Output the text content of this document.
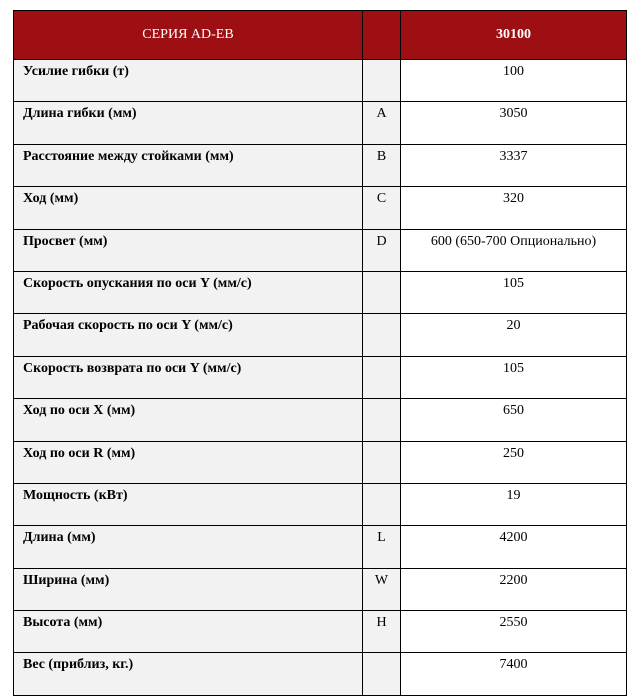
СЕРИЯ AD-EB		30100
Усилие гибки (т)		100
Длина гибки (мм)	A	3050
Расстояние между стойками (мм)	B	3337
Ход (мм)	C	320
Просвет (мм)	D	600 (650-700 Опционально)
Скорость опускания по оси Y (мм/с)		105
Рабочая скорость по оси Y (мм/с)		20
Скорость возврата по оси Y (мм/с)		105
Ход по оси X (мм)		650
Ход по оси R (мм)		250
Мощность (кВт)		19
Длина (мм)	L	4200
Ширина (мм)	W	2200
Высота (мм)	H	2550
Вес (приблиз, кг.)		7400
